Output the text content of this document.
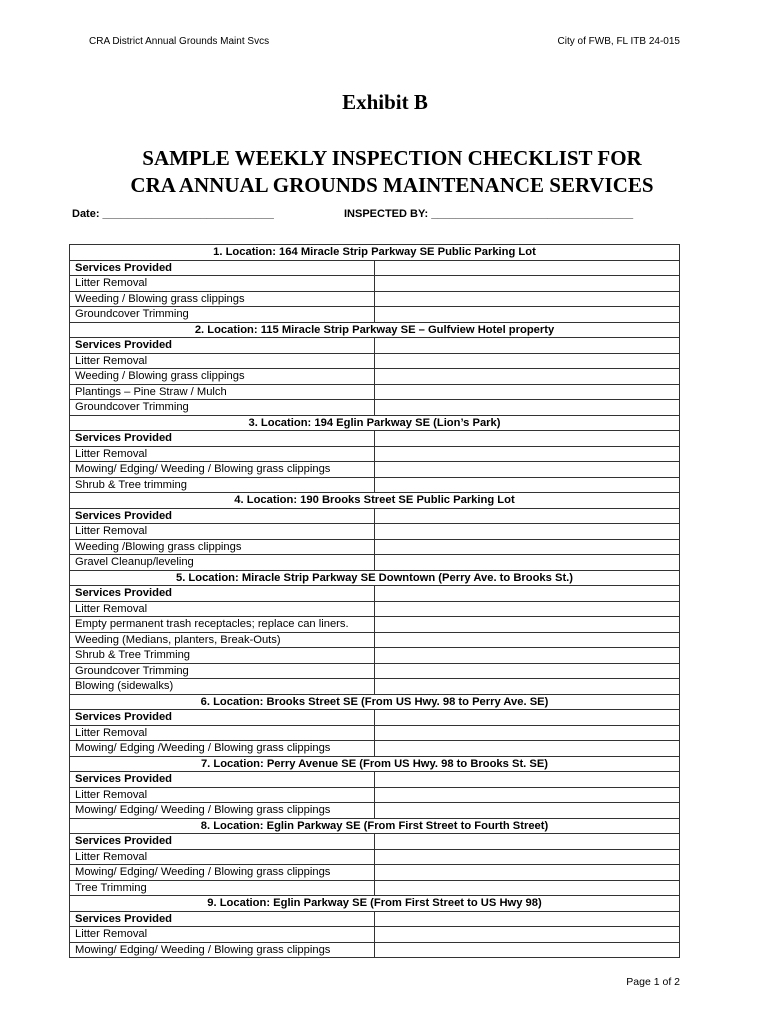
CRA District Annual Grounds Maint Svcs	City of FWB, FL ITB 24-015
Exhibit B
SAMPLE WEEKLY INSPECTION CHECKLIST FOR
CRA ANNUAL GROUNDS MAINTENANCE SERVICES
Date: ____________________________	INSPECTED BY: _________________________________
1. Location: 164 Miracle Strip Parkway SE Public Parking Lot	
Services Provided	
Litter Removal	
Weeding / Blowing grass clippings	
Groundcover Trimming	
2. Location: 115 Miracle Strip Parkway SE – Gulfview Hotel property	
Services Provided	
Litter Removal	
Weeding / Blowing grass clippings	
Plantings – Pine Straw / Mulch	
Groundcover Trimming	
3. Location: 194 Eglin Parkway SE (Lion’s Park)	
Services Provided	
Litter Removal	
Mowing/ Edging/ Weeding / Blowing grass clippings	
Shrub & Tree trimming	
4. Location: 190 Brooks Street SE Public Parking Lot	
Services Provided	
Litter Removal	
Weeding /Blowing grass clippings	
Gravel Cleanup/leveling	
5. Location: Miracle Strip Parkway SE Downtown (Perry Ave. to Brooks St.)	
Services Provided	
Litter Removal	
Empty permanent trash receptacles; replace can liners.	
Weeding (Medians, planters, Break-Outs)	
Shrub & Tree Trimming	
Groundcover Trimming	
Blowing (sidewalks)	
6. Location: Brooks Street SE (From US Hwy. 98 to Perry Ave. SE)	
Services Provided	
Litter Removal	
Mowing/ Edging /Weeding / Blowing grass clippings	
7. Location: Perry Avenue SE (From US Hwy. 98 to Brooks St. SE)	
Services Provided	
Litter Removal	
Mowing/ Edging/ Weeding / Blowing grass clippings	
8. Location: Eglin Parkway SE (From First Street to Fourth Street)	
Services Provided	
Litter Removal	
Mowing/ Edging/ Weeding / Blowing grass clippings	
Tree Trimming	
9. Location: Eglin Parkway SE (From First Street to US Hwy 98)	
Services Provided	
Litter Removal	
Mowing/ Edging/ Weeding / Blowing grass clippings	
Page 1 of 2
